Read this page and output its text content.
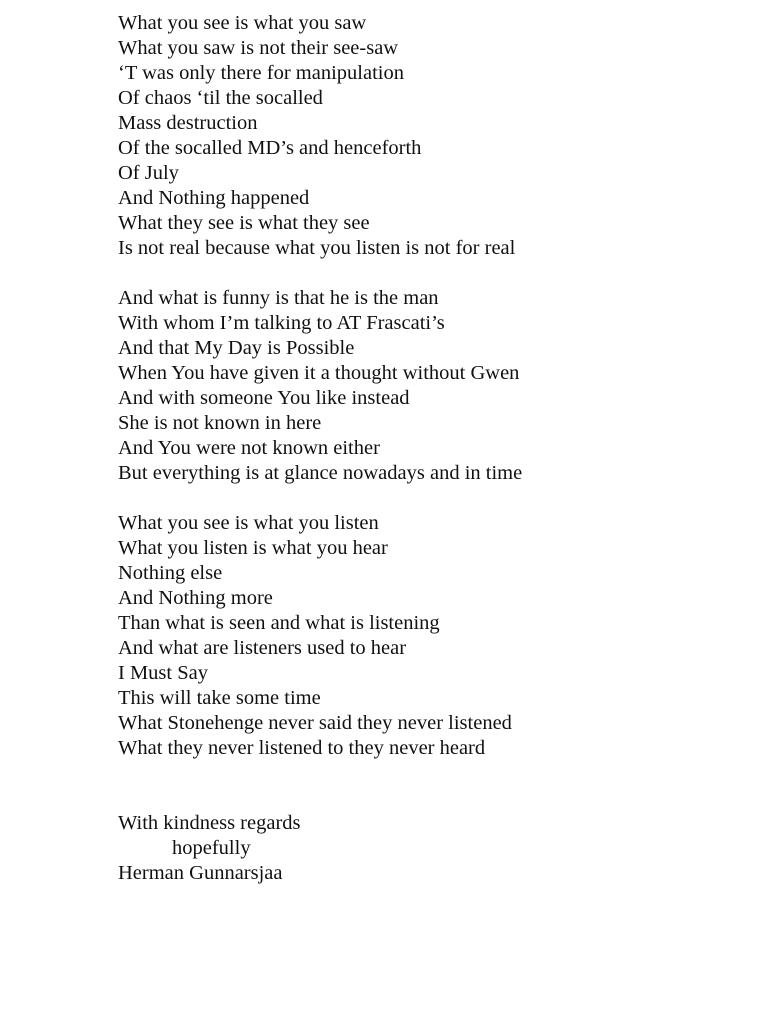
What you see is what you saw
What you saw is not their see-saw
‘T was only there for manipulation
Of chaos ‘til the socalled
Mass destruction
Of the socalled MD’s and henceforth
Of July
And Nothing happened
What they see is what they see
Is not real because what you listen is not for real
And what is funny is that he is the man
With whom I’m talking to AT Frascati’s
And that My Day is Possible
When You have given it a thought without Gwen
And with someone You like instead
She is not known in here
And You were not known either
But everything is at glance nowadays and in time
What you see is what you listen
What you listen is what you hear
Nothing else
And Nothing more
Than what is seen and what is listening
And what are listeners used to hear
I Must Say
This will take some time
What Stonehenge never said they never listened
What they never listened to they never heard
With kindness regards
hopefully
Herman Gunnarsjaa
